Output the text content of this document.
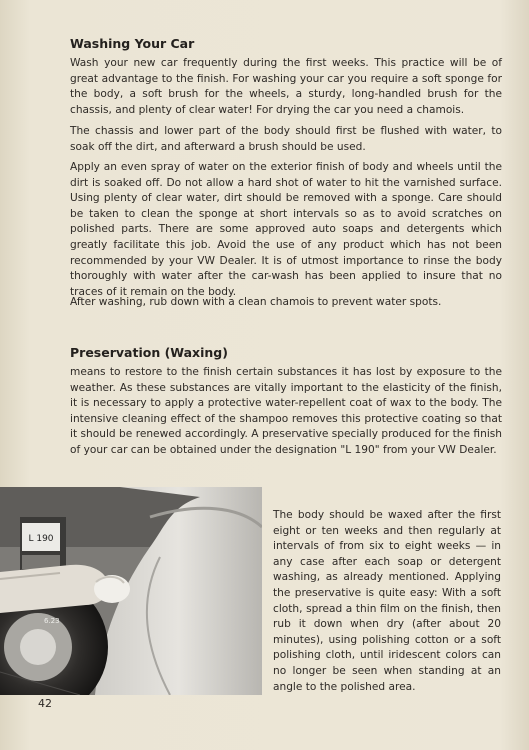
Washing Your Car

Wash your new car frequently during the first weeks. This practice will be of great advantage to the finish. For washing your car you require a soft sponge for the body, a soft brush for the wheels, a sturdy, long-handled brush for the chassis, and plenty of clear water! For drying the car you need a chamois.

The chassis and lower part of the body should first be flushed with water, to soak off the dirt, and afterward a brush should be used.

Apply an even spray of water on the exterior finish of body and wheels until the dirt is soaked off. Do not allow a hard shot of water to hit the varnished surface. Using plenty of clear water, dirt should be removed with a sponge. Care should be taken to clean the sponge at short intervals so as to avoid scratches on polished parts. There are some approved auto soaps and detergents which greatly facilitate this job. Avoid the use of any product which has not been recommended by your VW Dealer. It is of utmost importance to rinse the body thoroughly with water after the car-wash has been applied to insure that no traces of it remain on the body.

After washing, rub down with a clean chamois to prevent water spots.

Preservation (Waxing)

means to restore to the finish certain substances it has lost by exposure to the weather. As these substances are vitally important to the elasticity of the finish, it is necessary to apply a protective water-repellent coat of wax to the body. The intensive cleaning effect of the shampoo removes this protective coating so that it should be renewed accordingly. A preservative specially produced for the finish of your car can be obtained under the designation "L 190" from your VW Dealer.

L 190
6.23

The body should be waxed after the first eight or ten weeks and then regularly at intervals of from six to eight weeks — in any case after each soap or detergent washing, as already mentioned. Applying the preservative is quite easy: With a soft cloth, spread a thin film on the finish, then rub it down when dry (after about 20 minutes), using polishing cotton or a soft polishing cloth, until iridescent colors can no longer be seen when standing at an angle to the polished area.

42
